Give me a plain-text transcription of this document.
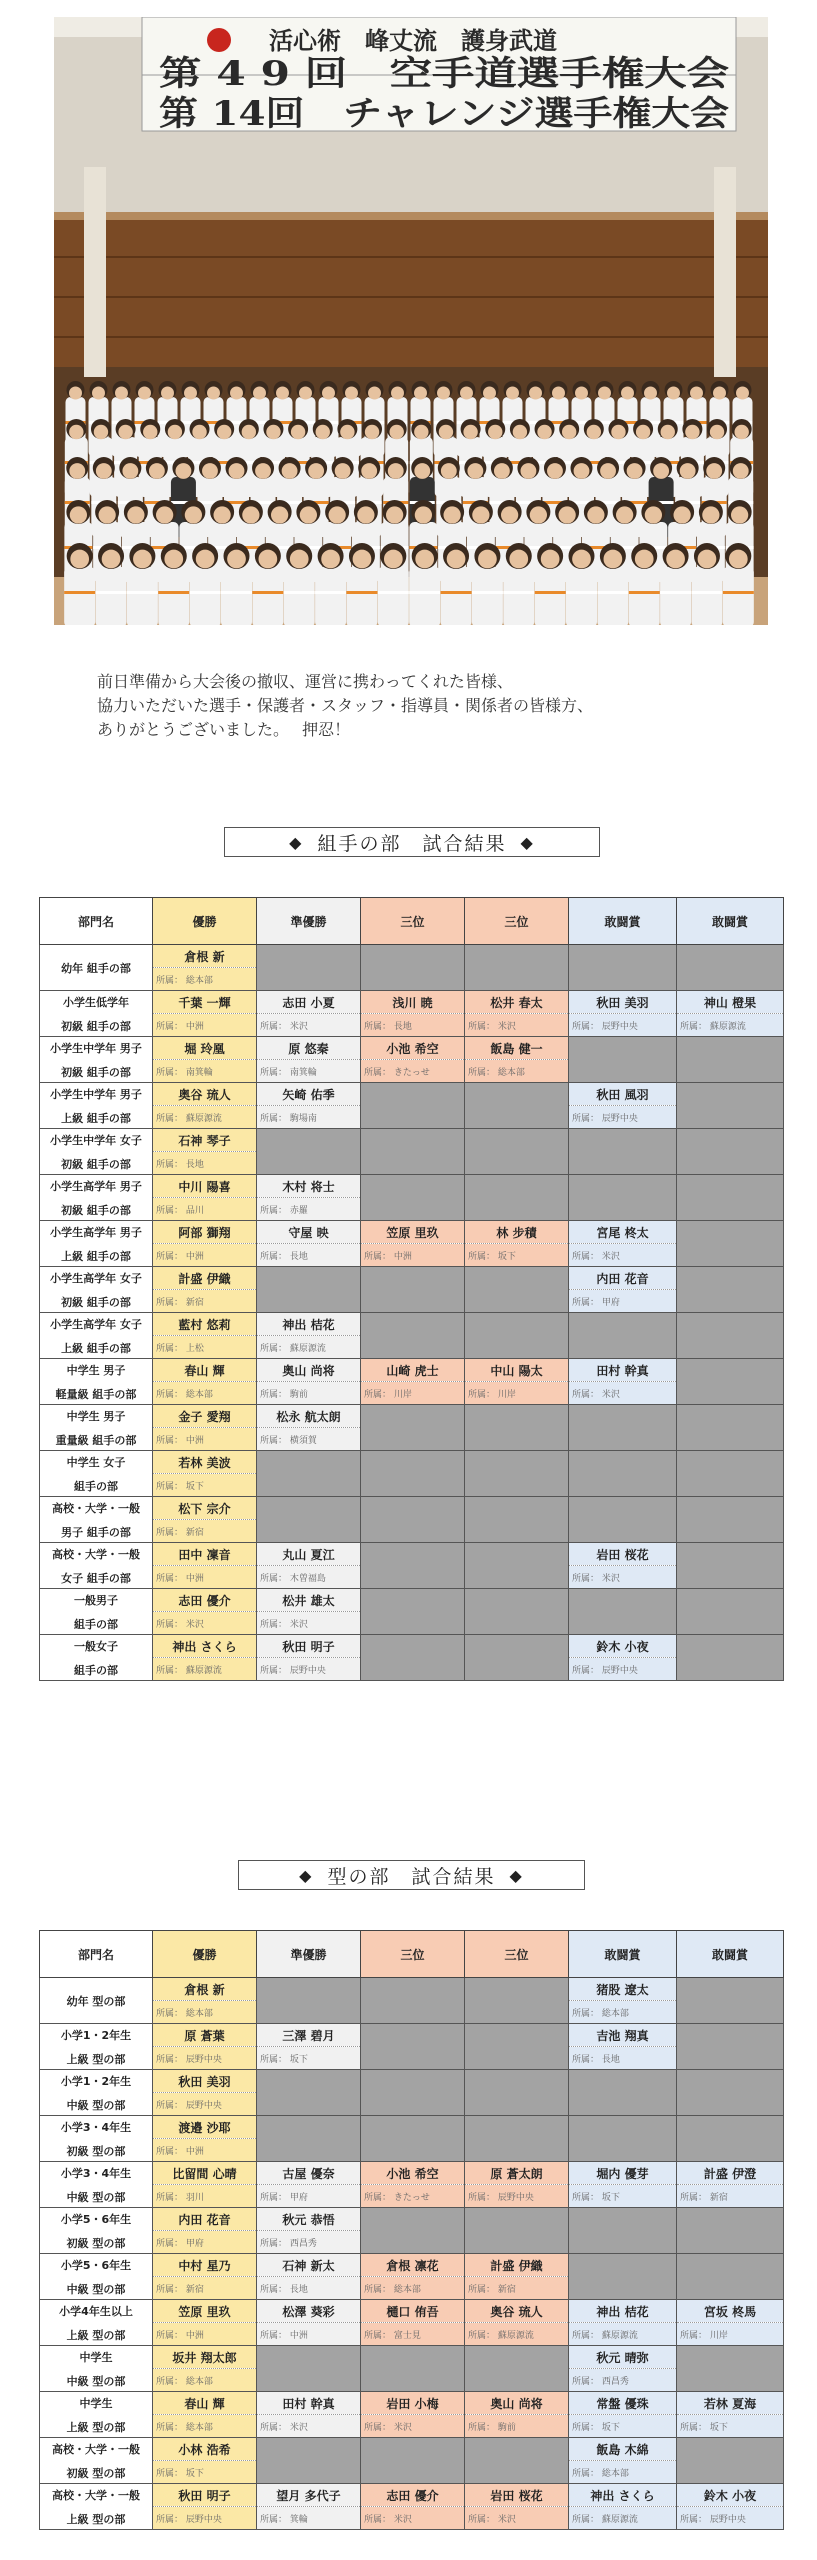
活心術　峰丈流　護身武道
第 4 9 回　空手道選手権大会
第 14回　チャレンジ選手権大会

前日準備から大会後の撤収、運営に携わってくれた皆様、

協力いただいた選手・保護者・スタッフ・指導員・関係者の皆様方、

ありがとうございました。　 押忍！

◆ 組手の部　試合結果 ◆
部門名	優勝	準優勝	三位	三位	敢闘賞	敢闘賞

幼年 組手の部	倉根 新					
	所属： 総本部					

小学生低学年
初級 組手の部	千葉 一輝	志田 小夏	浅川 暁	松井 春太	秋田 美羽	神山 橙果
	所属： 中洲	所属： 米沢	所属： 長地	所属： 米沢	所属： 辰野中央	所属： 蘇原源流

小学生中学年 男子
初級 組手の部	堀 玲凰	原 悠秦	小池 希空	飯島 健一		
	所属： 南箕輪	所属： 南箕輪	所属： きたっせ	所属： 総本部		

小学生中学年 男子
上級 組手の部	奥谷 琉人	矢崎 佑季			秋田 風羽	
	所属： 蘇原源流	所属： 駒場南			所属： 辰野中央	

小学生中学年 女子
初級 組手の部	石神 琴子					
	所属： 長地					

小学生高学年 男子
初級 組手の部	中川 陽喜	木村 将士				
	所属： 品川	所属： 赤羅				

小学生高学年 男子
上級 組手の部	阿部 獅翔	守屋 映	笠原 里玖	林 步積	宮尾 柊太	
	所属： 中洲	所属： 長地	所属： 中洲	所属： 坂下	所属： 米沢	

小学生高学年 女子
初級 組手の部	計盛 伊織				内田 花音	
	所属： 新宿				所属： 甲府	

小学生高学年 女子
上級 組手の部	藍村 悠莉	神出 桔花				
	所属： 上松	所属： 蘇原源流				

中学生 男子
軽量級 組手の部	春山 輝	奥山 尚将	山崎 虎士	中山 陽太	田村 幹真	
	所属： 総本部	所属： 駒前	所属： 川岸	所属： 川岸	所属： 米沢	

中学生 男子
重量級 組手の部	金子 愛翔	松永 航太朗				
	所属： 中洲	所属： 横須賀				

中学生 女子
組手の部	若林 美波					
	所属： 坂下					

高校・大学・一般
男子 組手の部	松下 宗介					
	所属： 新宿					

高校・大学・一般
女子 組手の部	田中 凜音	丸山 夏江			岩田 桜花	
	所属： 中洲	所属： 木曽福島			所属： 米沢	

一般男子
組手の部	志田 優介	松井 雄太				
	所属： 米沢	所属： 米沢				

一般女子
組手の部	神出 さくら	秋田 明子			鈴木 小夜	
	所属： 蘇原源流	所属： 辰野中央			所属： 辰野中央	
◆ 型の部　試合結果 ◆
部門名	優勝	準優勝	三位	三位	敢闘賞	敢闘賞

幼年 型の部	倉根 新				猪股 遼太	
	所属： 総本部				所属： 総本部	

小学1・2年生
上級 型の部	原 蒼葉	三澤 碧月			吉池 翔真	
	所属： 辰野中央	所属： 坂下			所属： 長地	

小学1・2年生
中級 型の部	秋田 美羽					
	所属： 辰野中央					

小学3・4年生
初級 型の部	渡邉 沙耶					
	所属： 中洲					

小学3・4年生
中級 型の部	比留間 心晴	古屋 優奈	小池 希空	原 蒼太朗	堀内 優芽	計盛 伊澄
	所属： 羽川	所属： 甲府	所属： きたっせ	所属： 辰野中央	所属： 坂下	所属： 新宿

小学5・6年生
初級 型の部	内田 花音	秋元 恭悟				
	所属： 甲府	所属： 西昌秀				

小学5・6年生
中級 型の部	中村 星乃	石神 新太	倉根 凛花	計盛 伊織		
	所属： 新宿	所属： 長地	所属： 総本部	所属： 新宿		

小学4年生以上
上級 型の部	笠原 里玖	松澤 葵彩	樋口 侑吾	奥谷 琉人	神出 桔花	宮坂 柊馬
	所属： 中洲	所属： 中洲	所属： 富士見	所属： 蘇原源流	所属： 蘇原源流	所属： 川岸

中学生
中級 型の部	坂井 翔太郎				秋元 晴弥	
	所属： 総本部				所属： 西昌秀	

中学生
上級 型の部	春山 輝	田村 幹真	岩田 小梅	奥山 尚将	常盤 優珠	若林 夏海
	所属： 総本部	所属： 米沢	所属： 米沢	所属： 駒前	所属： 坂下	所属： 坂下

高校・大学・一般
初級 型の部	小林 浩希				飯島 木綿	
	所属： 坂下				所属： 総本部	

高校・大学・一般
上級 型の部	秋田 明子	望月 多代子	志田 優介	岩田 桜花	神出 さくら	鈴木 小夜
	所属： 辰野中央	所属： 箕輪	所属： 米沢	所属： 米沢	所属： 蘇原源流	所属： 辰野中央
